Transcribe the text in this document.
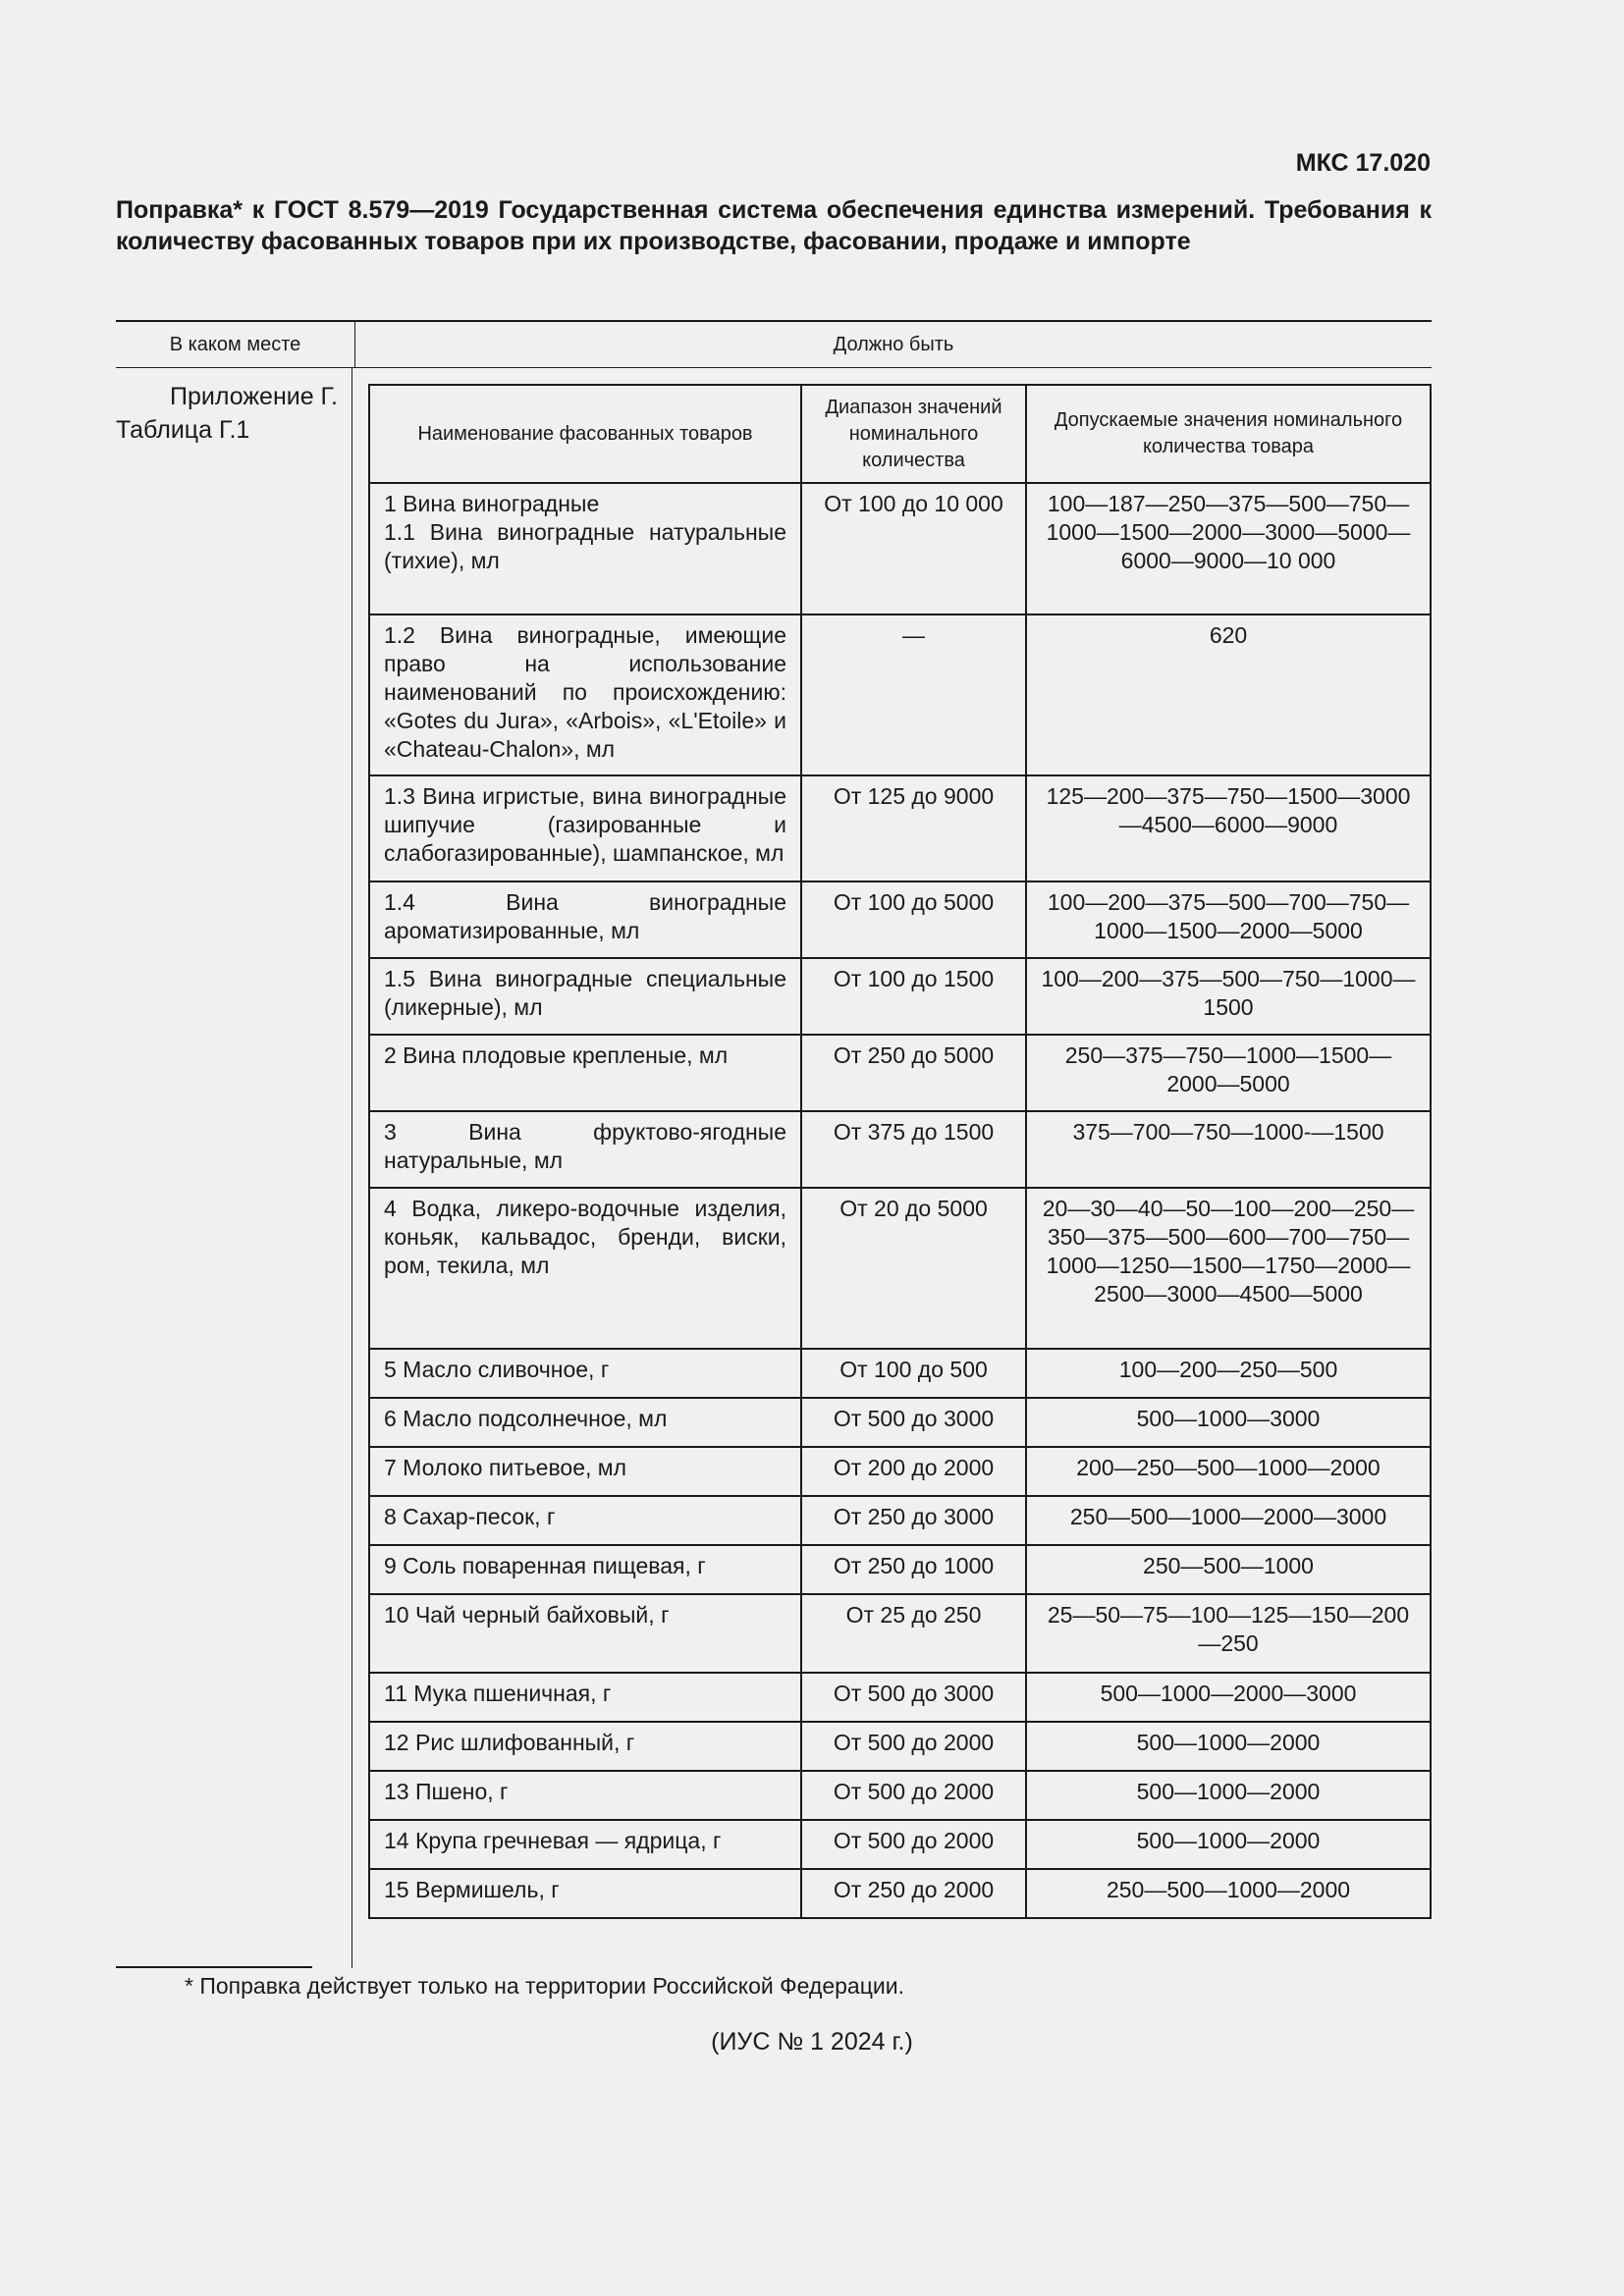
МКС 17.020
Поправка* к ГОСТ 8.579—2019 Государственная система обеспечения единства измерений. Требования к количеству фасованных товаров при их производстве, фасовании, продаже и импорте
В каком месте	Должно быть
Приложение Г.
Таблица Г.1	Наименование фасованных товаров	Диапазон значений номинального количества	Допускаемые значения номинального количества товара

1 Вина виноградные
1.1 Вина виноградные натуральные (тихие), мл	От 100 до 10 000	100—187—250—375—500—750—1000—1500—2000—3000—5000—6000—9000—10 000
1.2 Вина виноградные, имеющие право на использование наименований по происхождению: «Gotes du Jura», «Arbois», «L'Etoile» и «Chateau-Chalon», мл	—	620
1.3 Вина игристые, вина виноградные шипучие (газированные и слабогазированные), шампанское, мл	От 125 до 9000	125—200—375—750—1500—3000—4500—6000—9000
1.4 Вина виноградные ароматизированные, мл	От 100 до 5000	100—200—375—500—700—750—1000—1500—2000—5000
1.5 Вина виноградные специальные (ликерные), мл	От 100 до 1500	100—200—375—500—750—1000—1500
2 Вина плодовые крепленые, мл	От 250 до 5000	250—375—750—1000—1500—2000—5000
3 Вина фруктово-ягодные натуральные, мл	От 375 до 1500	375—700—750—1000-—1500
4 Водка, ликеро-водочные изделия, коньяк, кальвадос, бренди, виски, ром, текила, мл	От 20 до 5000	20—30—40—50—100—200—250—350—375—500—600—700—750—1000—1250—1500—1750—2000—2500—3000—4500—5000
5 Масло сливочное, г	От 100 до 500	100—200—250—500
6 Масло подсолнечное, мл	От 500 до 3000	500—1000—3000
7 Молоко питьевое, мл	От 200 до 2000	200—250—500—1000—2000
8 Сахар-песок, г	От 250 до 3000	250—500—1000—2000—3000
9 Соль поваренная пищевая, г	От 250 до 1000	250—500—1000
10 Чай черный байховый, г	От 25 до 250	25—50—75—100—125—150—200—250
11 Мука пшеничная, г	От 500 до 3000	500—1000—2000—3000
12 Рис шлифованный, г	От 500 до 2000	500—1000—2000
13 Пшено, г	От 500 до 2000	500—1000—2000
14 Крупа гречневая — ядрица, г	От 500 до 2000	500—1000—2000
15 Вермишель, г	От 250 до 2000	250—500—1000—2000
* Поправка действует только на территории Российской Федерации.
(ИУС № 1 2024 г.)
